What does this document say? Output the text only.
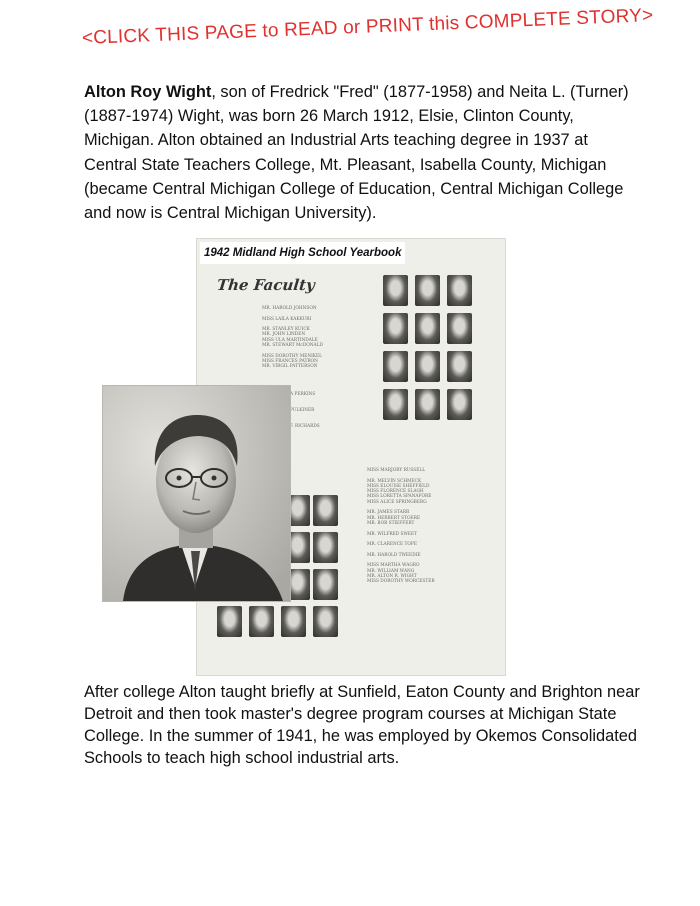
<CLICK THIS PAGE to READ or PRINT this COMPLETE STORY>
Alton Roy Wight, son of Fredrick "Fred" (1877-1958) and Neita L. (Turner) (1887-1974) Wight, was born 26 March 1912, Elsie, Clinton County, Michigan. Alton obtained an Industrial Arts teaching degree in 1937 at Central State Teachers College, Mt. Pleasant, Isabella County, Michigan (became Central Michigan College of Education, Central Michigan College and now is Central Michigan University).
1942 Midland High School Yearbook
The Faculty
MR. HAROLD JOHNSON

MISS LAILA KAKKURI

MR. STANLEY KUICK
MR. JOHN LINDEN
MISS ULA MARTINDALE
MR. STEWART McDONALD

MISS DOROTHY MENIKEL
MISS FRANCES PATRON
MR. VIRGIL PATTERSON
A PERKINS

PULKINER

F. RICHARDS
MISS MARJORY RUSSELL

MR. MELVIN SCHMECK
MISS ELOUISE SHEFFIELD
MISS FLORENCE SLAGH
MISS LORETTA SPANAFORE
MISS ALICE SPRINGBERG

MR. JAMES STARR
MR. HERBERT STOERE
MR. BOB STIEFFERT

MR. WILFRED SWEET

MR. CLARENCE TOPE

MR. HAROLD TWEEDIE

MISS MARTHA WAGRO
MR. WILLIAM WANG
MR. ALTON R. WIGHT
MISS DOROTHY WORCESTER
After college Alton taught briefly at Sunfield, Eaton County and Brighton near Detroit and then took master's degree program courses at Michigan State College. In the summer of 1941, he was employed by Okemos Consolidated Schools to teach high school industrial arts.
